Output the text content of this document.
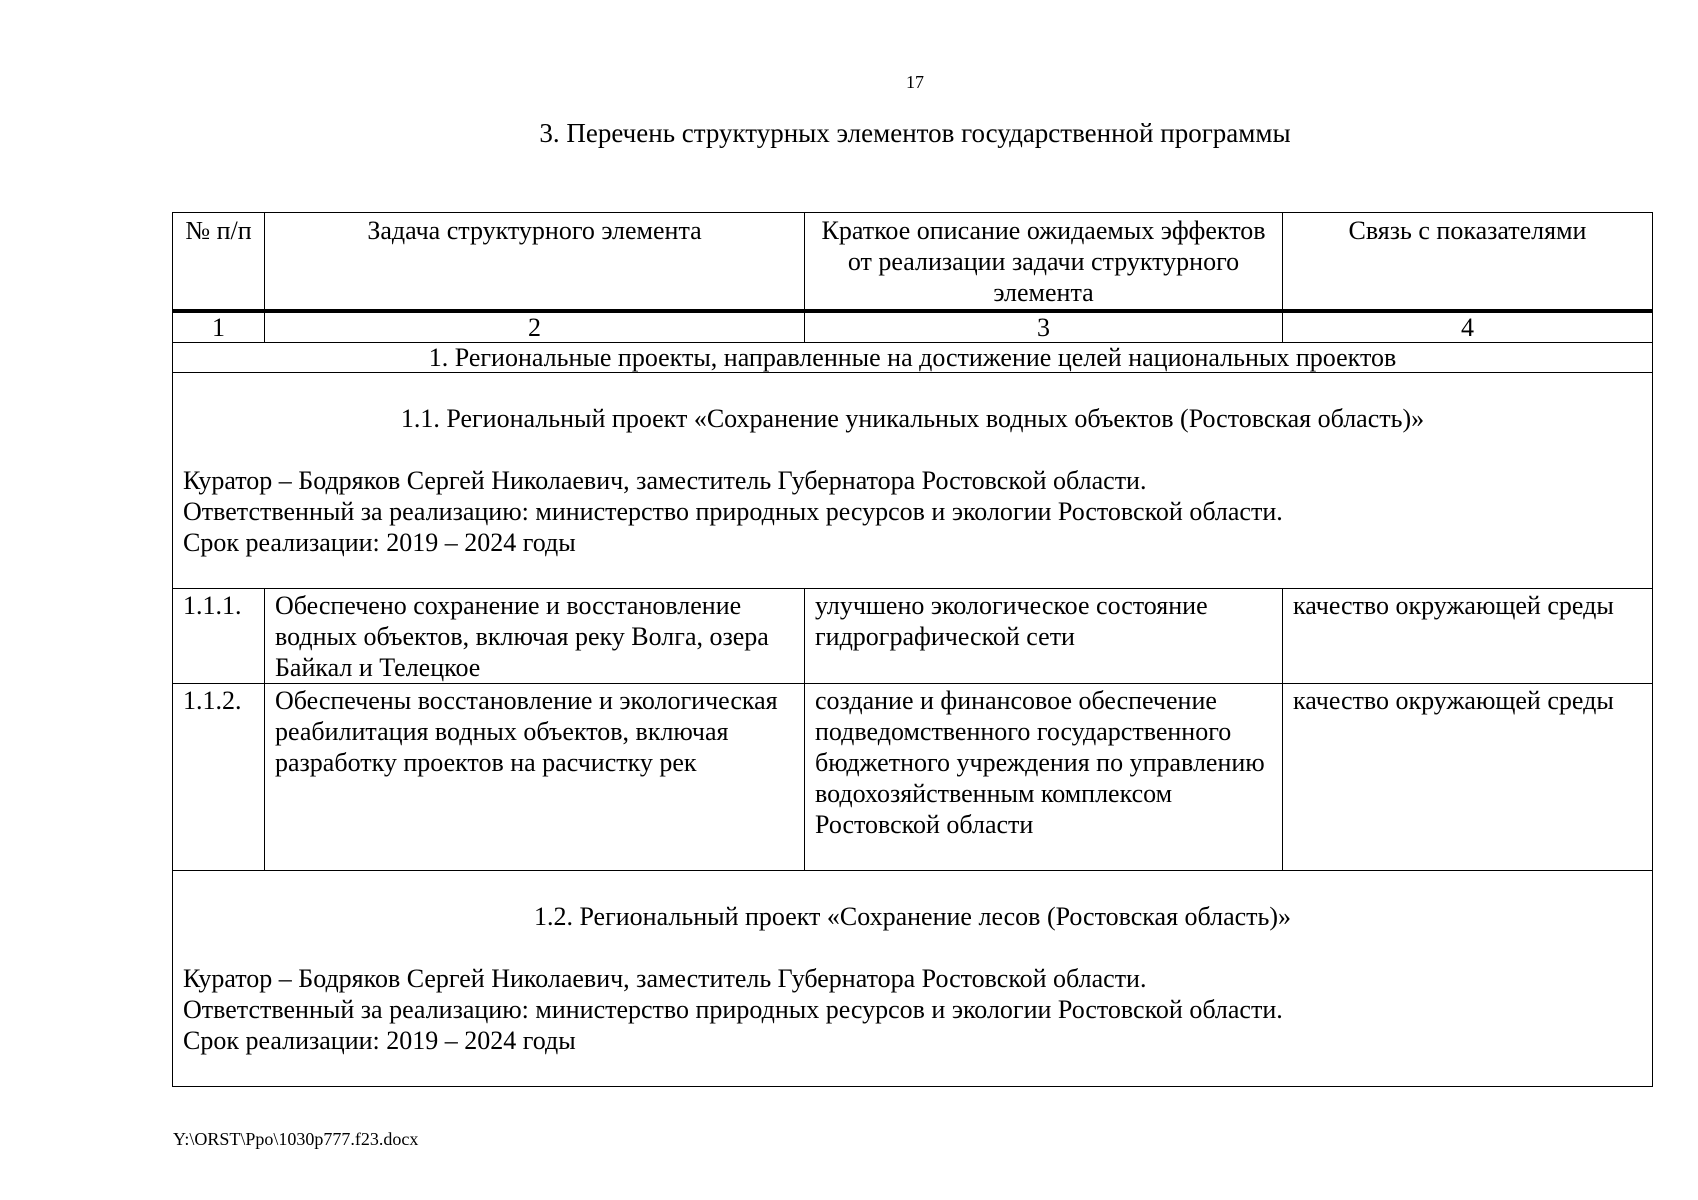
17
3. Перечень структурных элементов государственной программы
№ п/п	Задача структурного элемента	Краткое описание ожидаемых эффектов от реализации задачи структурного элемента	Связь с показателями
1	2	3	4
1. Региональные проекты, направленные на достижение целей национальных проектов			

1.1. Региональный проект «Сохранение уникальных водных объектов (Ростовская область)»
Куратор – Бодряков Сергей Николаевич, заместитель Губернатора Ростовской области.
Ответственный за реализацию: министерство природных ресурсов и экологии Ростовской области.
Срок реализации: 2019 – 2024 годы			

1.1.1.	Обеспечено сохранение и восстановление водных объектов, включая реку Волга, озера Байкал и Телецкое	улучшено экологическое состояние гидрографической сети	качество окружающей среды
1.1.2.	Обеспечены восстановление и экологическая реабилитация водных объектов, включая разработку проектов на расчистку рек	создание и финансовое обеспечение подведомственного государственного бюджетного учреждения по управлению водохозяйственным комплексом Ростовской области	качество окружающей среды

1.2. Региональный проект «Сохранение лесов (Ростовская область)»
Куратор – Бодряков Сергей Николаевич, заместитель Губернатора Ростовской области.
Ответственный за реализацию: министерство природных ресурсов и экологии Ростовской области.
Срок реализации: 2019 – 2024 годы			
Y:\ORST\Ppo\1030p777.f23.docx
